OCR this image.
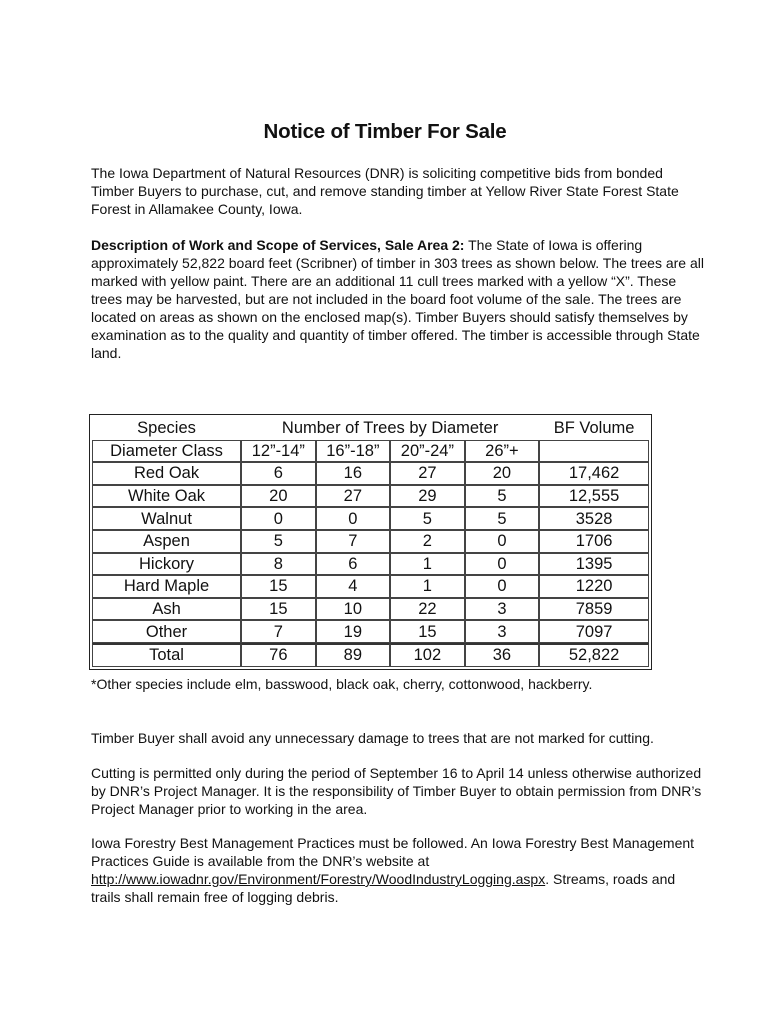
Notice of Timber For Sale

The Iowa Department of Natural Resources (DNR) is soliciting competitive bids from bonded Timber Buyers to purchase, cut, and remove standing timber at Yellow River State Forest State Forest in Allamakee County, Iowa.

Description of Work and Scope of Services, Sale Area 2: The State of Iowa is offering approximately 52,822 board feet (Scribner) of timber in 303 trees as shown below. The trees are all marked with yellow paint. There are an additional 11 cull trees marked with a yellow “X”. These trees may be harvested, but are not included in the board foot volume of the sale. The trees are located on areas as shown on the enclosed map(s). Timber Buyers should satisfy themselves by examination as to the quality and quantity of timber offered. The timber is accessible through State land.

Species	Number of Trees by Diameter				BF Volume
Diameter Class	12”-14”	16”-18”	20”-24”	26”+	
Red Oak	6	16	27	20	17,462
White Oak	20	27	29	5	12,555
Walnut	0	0	5	5	3528
Aspen	5	7	2	0	1706
Hickory	8	6	1	0	1395
Hard Maple	15	4	1	0	1220
Ash	15	10	22	3	7859
Other	7	19	15	3	7097
Total	76	89	102	36	52,822

*Other species include elm, basswood, black oak, cherry, cottonwood, hackberry.

Timber Buyer shall avoid any unnecessary damage to trees that are not marked for cutting.

Cutting is permitted only during the period of September 16 to April 14 unless otherwise authorized by DNR’s Project Manager. It is the responsibility of Timber Buyer to obtain permission from DNR’s Project Manager prior to working in the area.

Iowa Forestry Best Management Practices must be followed. An Iowa Forestry Best Management Practices Guide is available from the DNR’s website at http://www.iowadnr.gov/Environment/Forestry/WoodIndustryLogging.aspx. Streams, roads and trails shall remain free of logging debris.
